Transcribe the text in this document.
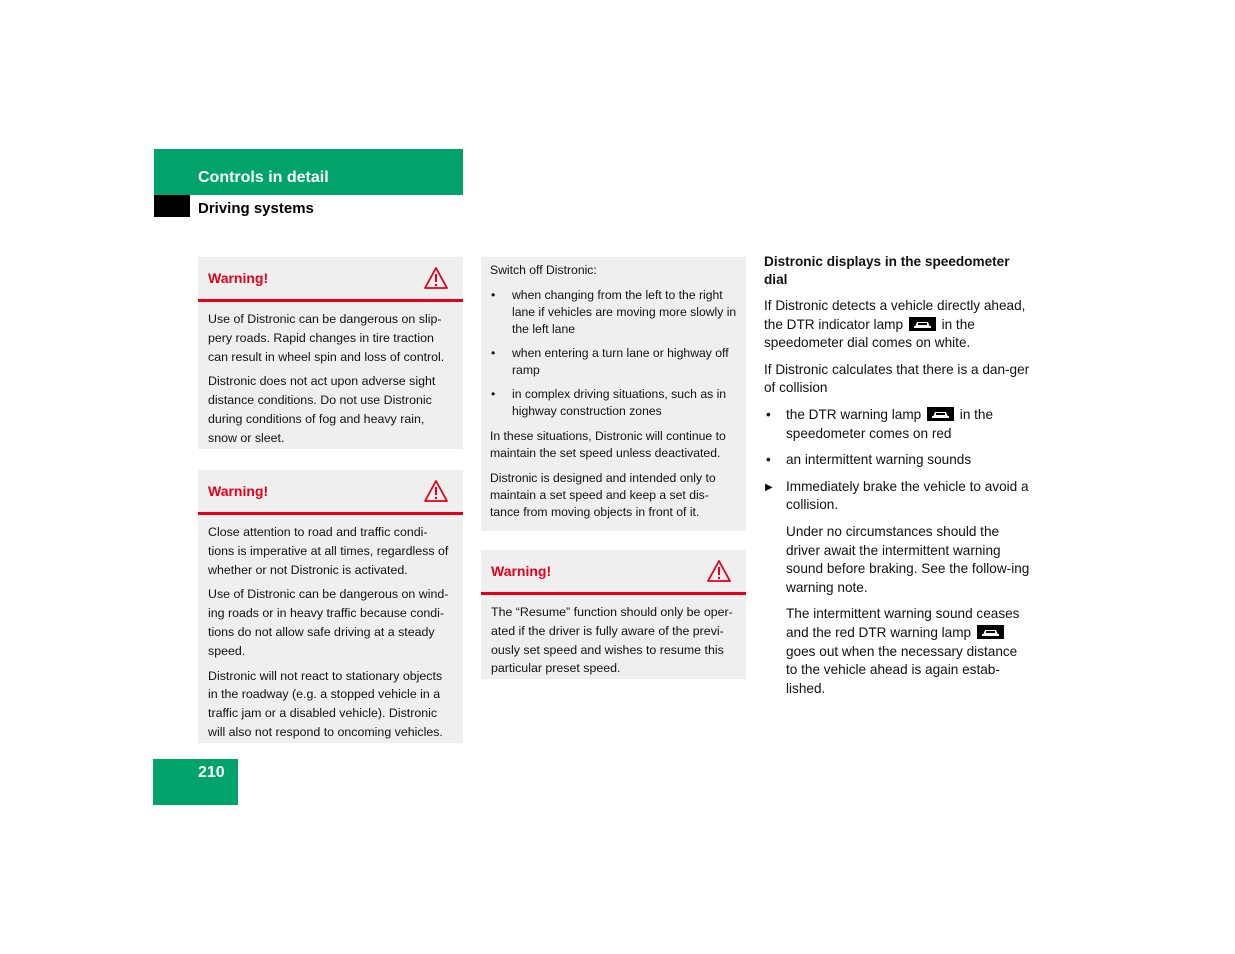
Controls in detail
Driving systems
Warning!

Use of Distronic can be dangerous on slip-pery roads. Rapid changes in tire traction can result in wheel spin and loss of control.

Distronic does not act upon adverse sight distance conditions. Do not use Distronic during conditions of fog and heavy rain, snow or sleet.

Warning!

Close attention to road and traffic condi-tions is imperative at all times, regardless of whether or not Distronic is activated.

Use of Distronic can be dangerous on wind-ing roads or in heavy traffic because condi-tions do not allow safe driving at a steady speed.

Distronic will not react to stationary objects in the roadway (e.g. a stopped vehicle in a traffic jam or a disabled vehicle). Distronic will also not respond to oncoming vehicles.

Switch off Distronic:

• when changing from the left to the right lane if vehicles are moving more slowly in the left lane
• when entering a turn lane or highway off ramp
• in complex driving situations, such as in highway construction zones

In these situations, Distronic will continue to maintain the set speed unless deactivated.

Distronic is designed and intended only to maintain a set speed and keep a set dis-tance from moving objects in front of it.

Warning!

The “Resume” function should only be oper-ated if the driver is fully aware of the previ-ously set speed and wishes to resume this particular preset speed.

Distronic displays in the speedometer dial

If Distronic detects a vehicle directly ahead, the DTR indicator lamp	in the speedometer dial comes on white.

If Distronic calculates that there is a dan-ger of collision

• the DTR warning lamp	in the speedometer comes on red
• an intermittent warning sounds
▶ Immediately brake the vehicle to avoid a collision.

Under no circumstances should the driver await the intermittent warning sound before braking. See the follow-ing warning note.

The intermittent warning sound ceases and the red DTR warning lamp
goes out when the necessary distance to the vehicle ahead is again estab-lished.

210
